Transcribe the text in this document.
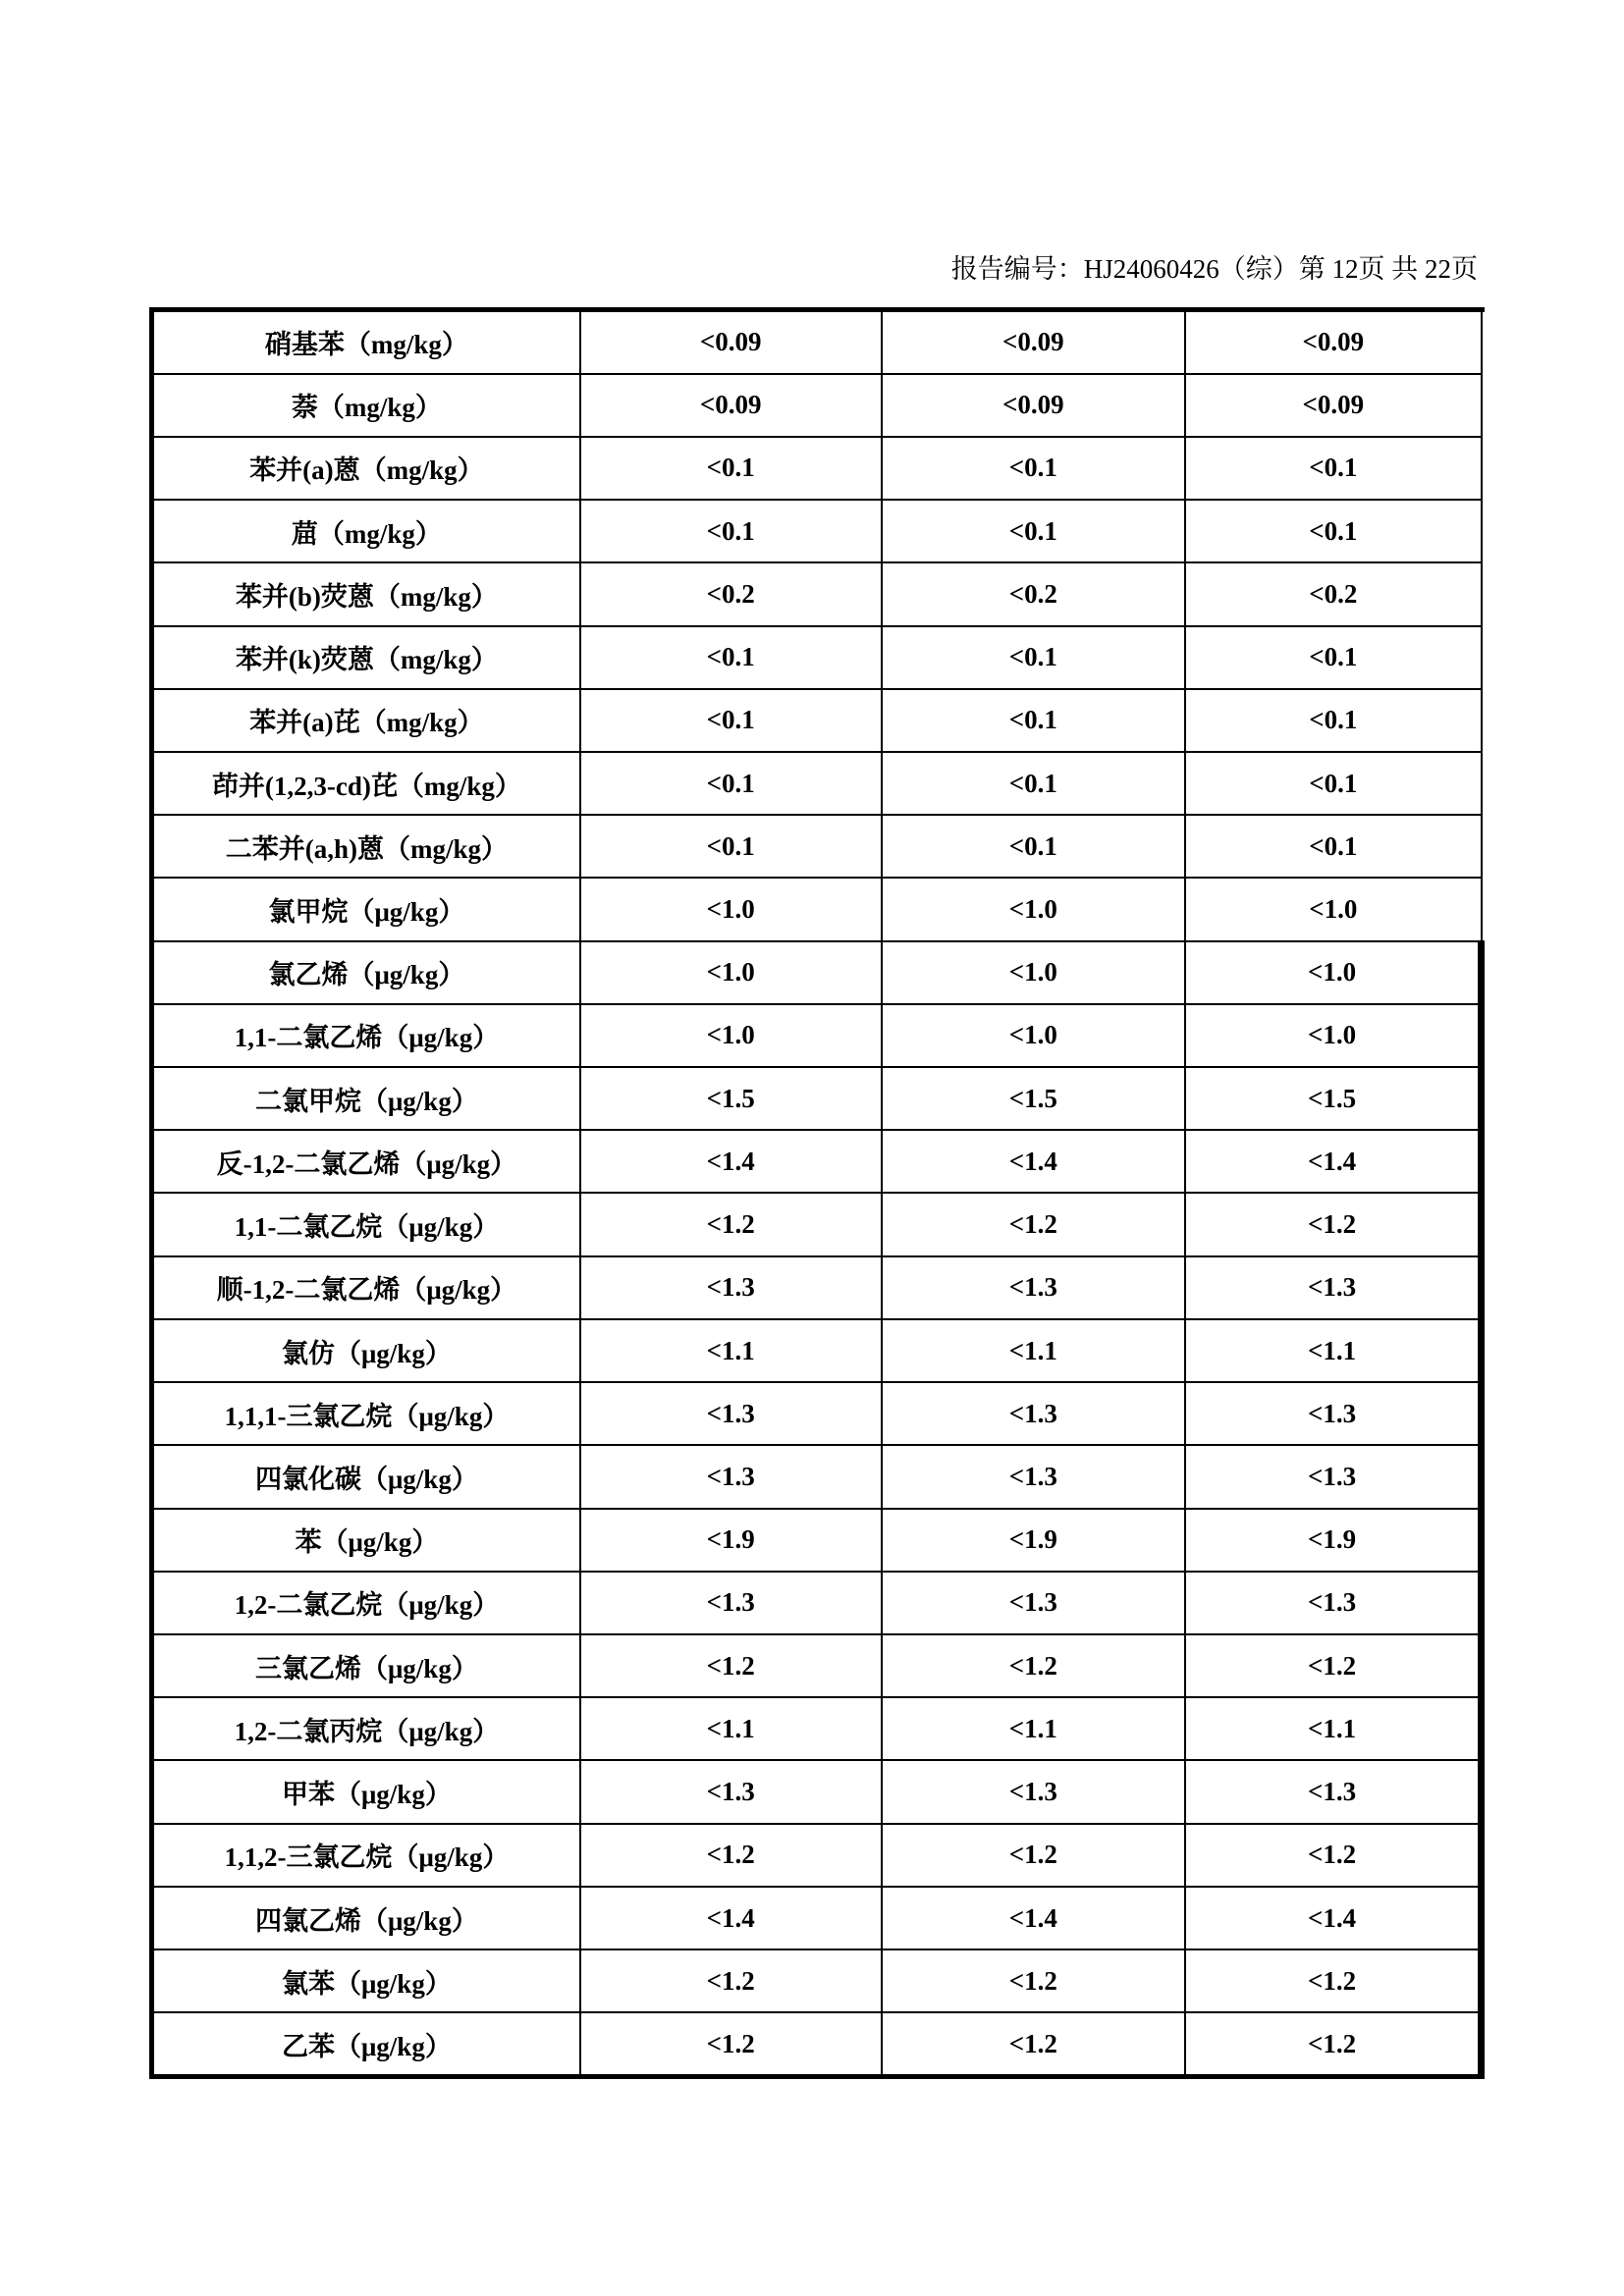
报告编号：HJ24060426（综）第 12页 共 22页
硝基苯（mg/kg）	<0.09	<0.09	<0.09
萘（mg/kg）	<0.09	<0.09	<0.09
苯并(a)蒽（mg/kg）	<0.1	<0.1	<0.1
䓛（mg/kg）	<0.1	<0.1	<0.1
苯并(b)荧蒽（mg/kg）	<0.2	<0.2	<0.2
苯并(k)荧蒽（mg/kg）	<0.1	<0.1	<0.1
苯并(a)芘（mg/kg）	<0.1	<0.1	<0.1
茚并(1,2,3-cd)芘（mg/kg）	<0.1	<0.1	<0.1
二苯并(a,h)蒽（mg/kg）	<0.1	<0.1	<0.1
氯甲烷（μg/kg）	<1.0	<1.0	<1.0
氯乙烯（μg/kg）	<1.0	<1.0	<1.0
1,1-二氯乙烯（μg/kg）	<1.0	<1.0	<1.0
二氯甲烷（μg/kg）	<1.5	<1.5	<1.5
反-1,2-二氯乙烯（μg/kg）	<1.4	<1.4	<1.4
1,1-二氯乙烷（μg/kg）	<1.2	<1.2	<1.2
顺-1,2-二氯乙烯（μg/kg）	<1.3	<1.3	<1.3
氯仿（μg/kg）	<1.1	<1.1	<1.1
1,1,1-三氯乙烷（μg/kg）	<1.3	<1.3	<1.3
四氯化碳（μg/kg）	<1.3	<1.3	<1.3
苯（μg/kg）	<1.9	<1.9	<1.9
1,2-二氯乙烷（μg/kg）	<1.3	<1.3	<1.3
三氯乙烯（μg/kg）	<1.2	<1.2	<1.2
1,2-二氯丙烷（μg/kg）	<1.1	<1.1	<1.1
甲苯（μg/kg）	<1.3	<1.3	<1.3
1,1,2-三氯乙烷（μg/kg）	<1.2	<1.2	<1.2
四氯乙烯（μg/kg）	<1.4	<1.4	<1.4
氯苯（μg/kg）	<1.2	<1.2	<1.2
乙苯（μg/kg）	<1.2	<1.2	<1.2
